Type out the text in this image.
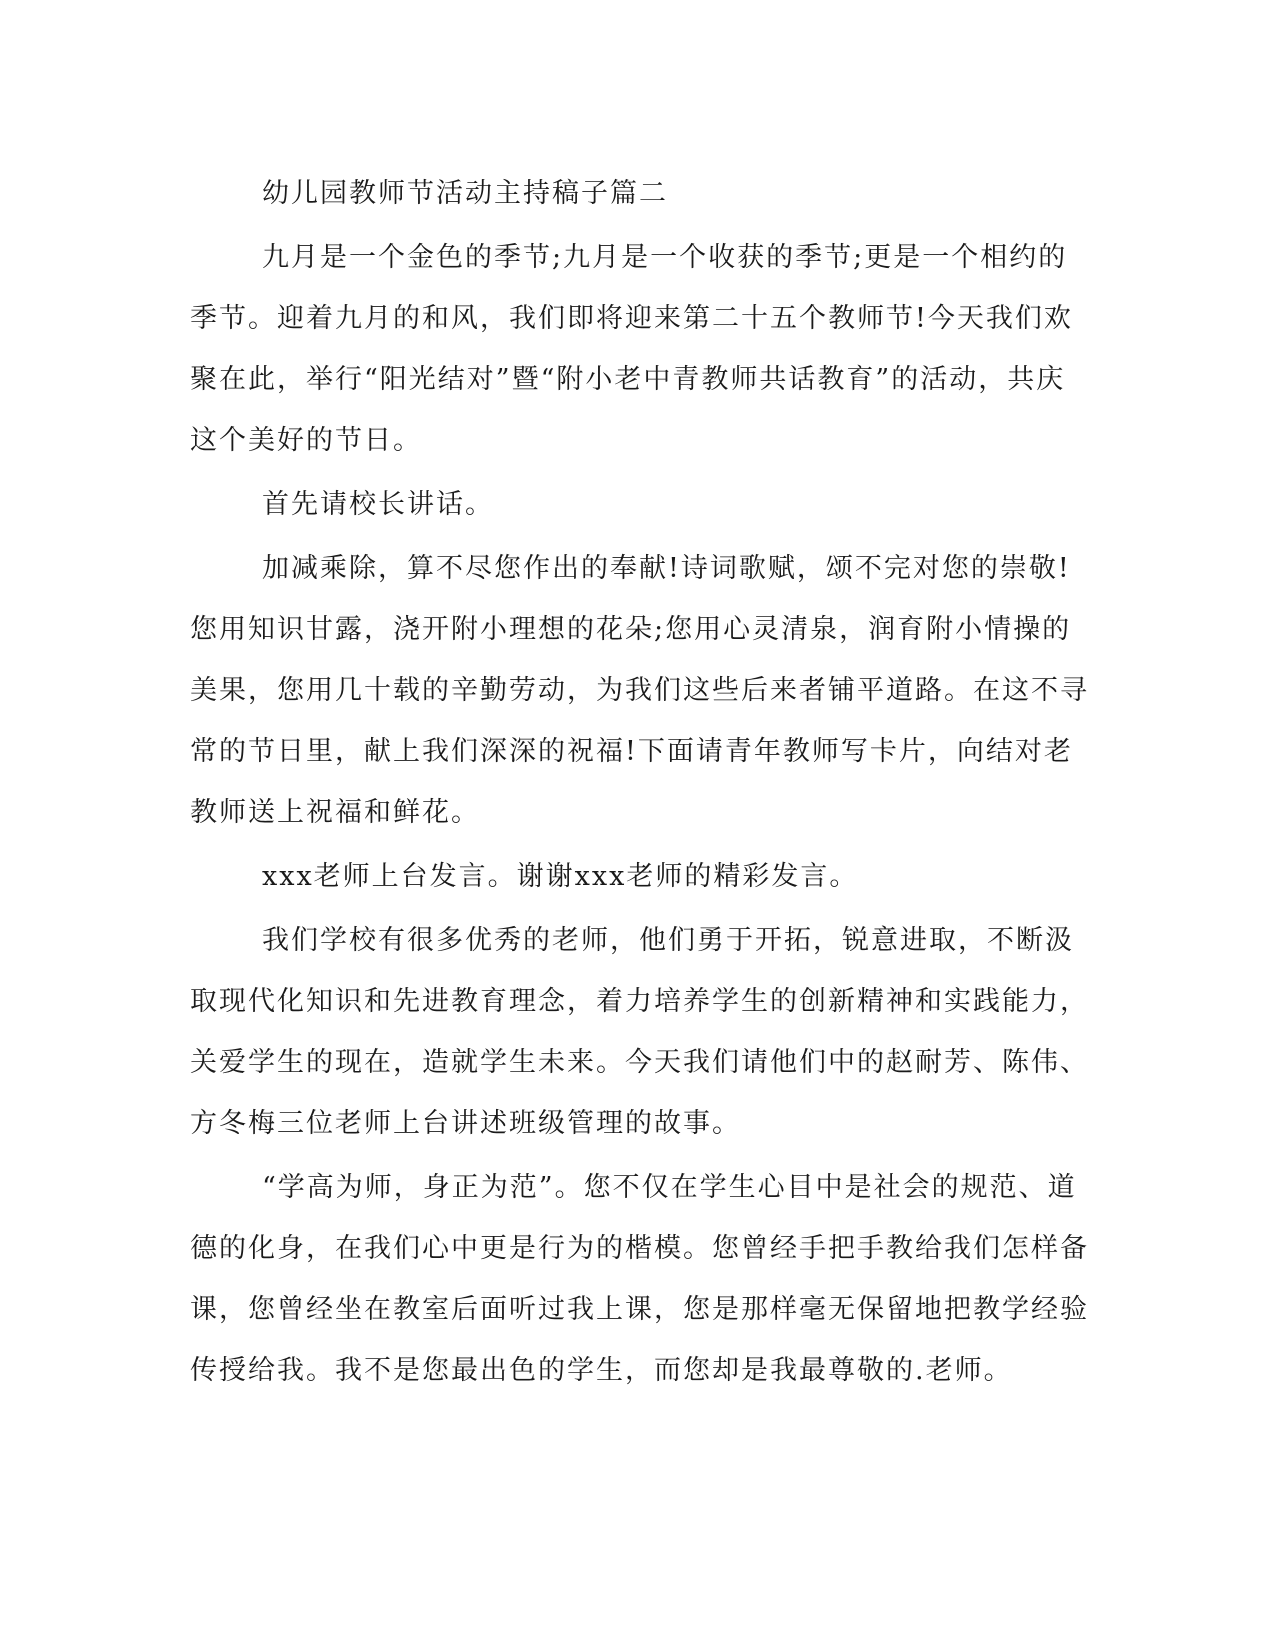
幼儿园教师节活动主持稿子篇二

九月是一个金色的季节;九月是一个收获的季节;更是一个相约的季节。迎着九月的和风，我们即将迎来第二十五个教师节!今天我们欢聚在此，举行“阳光结对”暨“附小老中青教师共话教育”的活动，共庆这个美好的节日。

首先请校长讲话。

加减乘除，算不尽您作出的奉献!诗词歌赋，颂不完对您的崇敬!您用知识甘露，浇开附小理想的花朵;您用心灵清泉，润育附小情操的美果，您用几十载的辛勤劳动，为我们这些后来者铺平道路。在这不寻常的节日里，献上我们深深的祝福!下面请青年教师写卡片，向结对老教师送上祝福和鲜花。

xxx老师上台发言。谢谢xxx老师的精彩发言。

我们学校有很多优秀的老师，他们勇于开拓，锐意进取，不断汲取现代化知识和先进教育理念，着力培养学生的创新精神和实践能力，关爱学生的现在，造就学生未来。今天我们请他们中的赵耐芳、陈伟、方冬梅三位老师上台讲述班级管理的故事。

“学高为师，身正为范”。您不仅在学生心目中是社会的规范、道德的化身，在我们心中更是行为的楷模。您曾经手把手教给我们怎样备课，您曾经坐在教室后面听过我上课，您是那样毫无保留地把教学经验传授给我。我不是您最出色的学生，而您却是我最尊敬的.老师。
